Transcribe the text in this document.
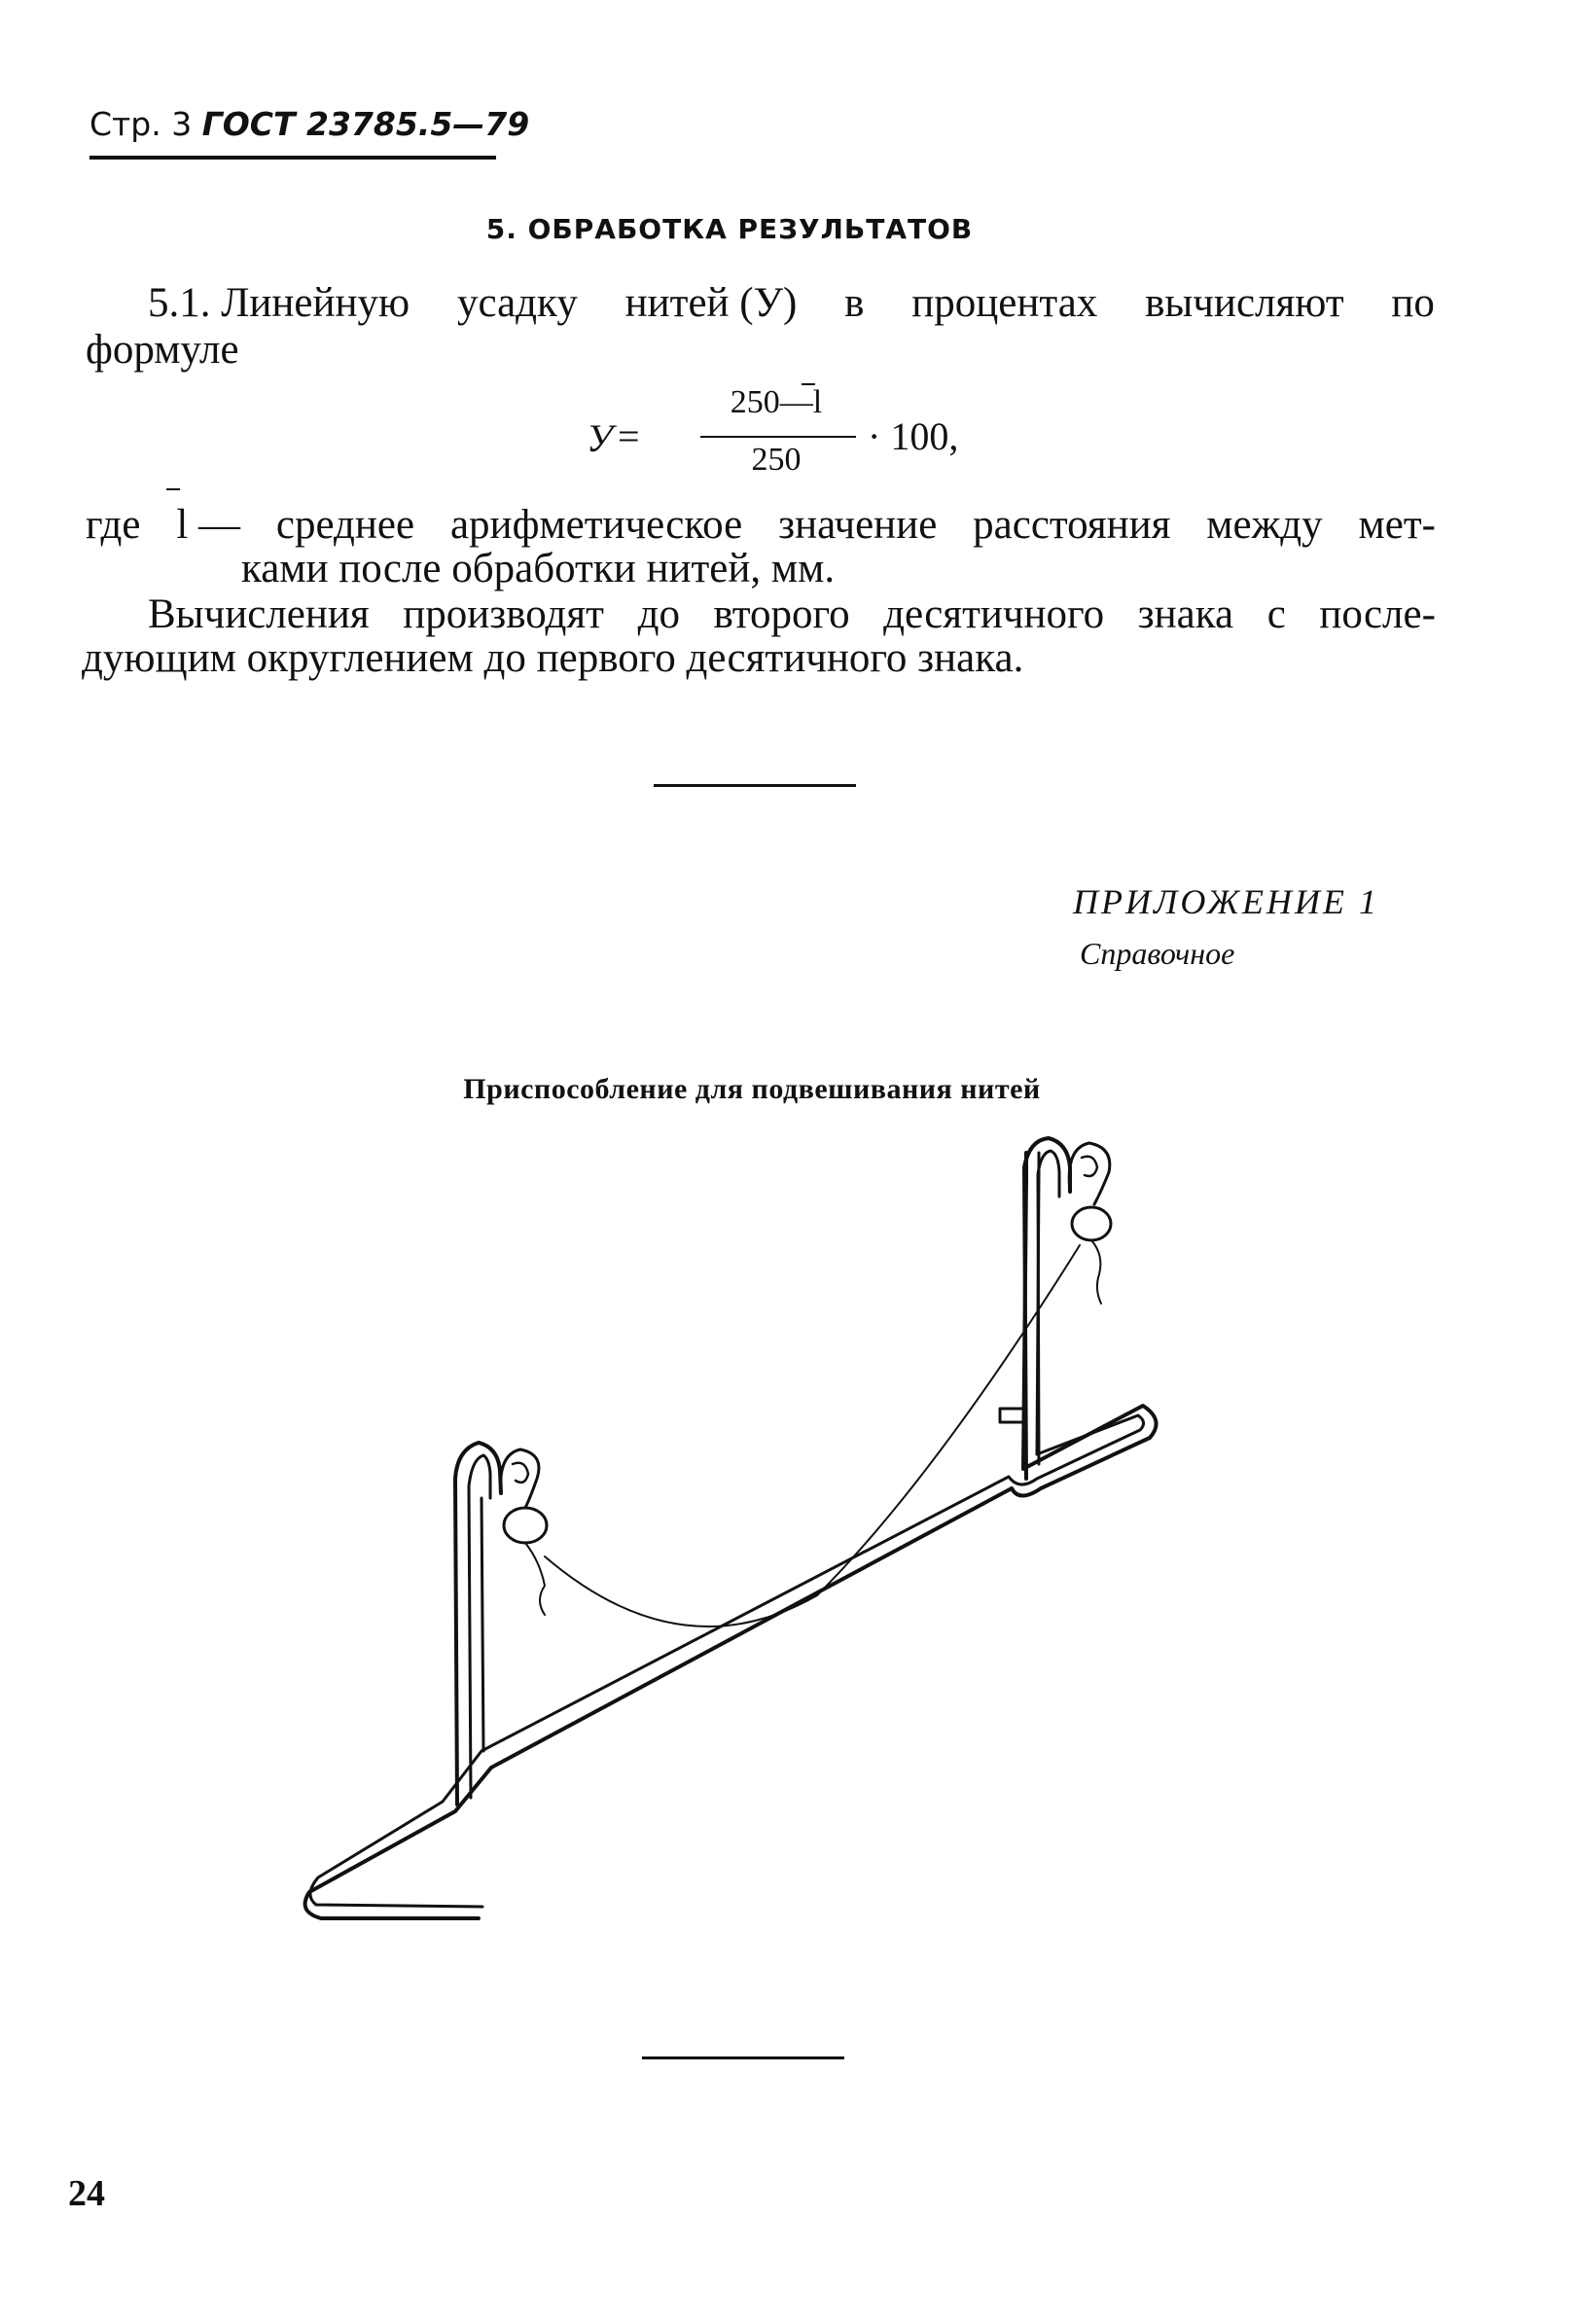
Стр. 3 ГОСТ 23785.5—79
5. ОБРАБОТКА РЕЗУЛЬТАТОВ
5.1. Линейную усадку нитей (У) в процентах вычисляют по
формуле
У =
250—l
250
· 100,
где l — среднее арифметическое значение расстояния между мет-
ками после обработки нитей, мм.
Вычисления производят до второго десятичного знака с после-
дующим округлением до первого десятичного знака.
ПРИЛОЖЕНИЕ 1
Справочное
Приспособление для подвешивания нитей
24
